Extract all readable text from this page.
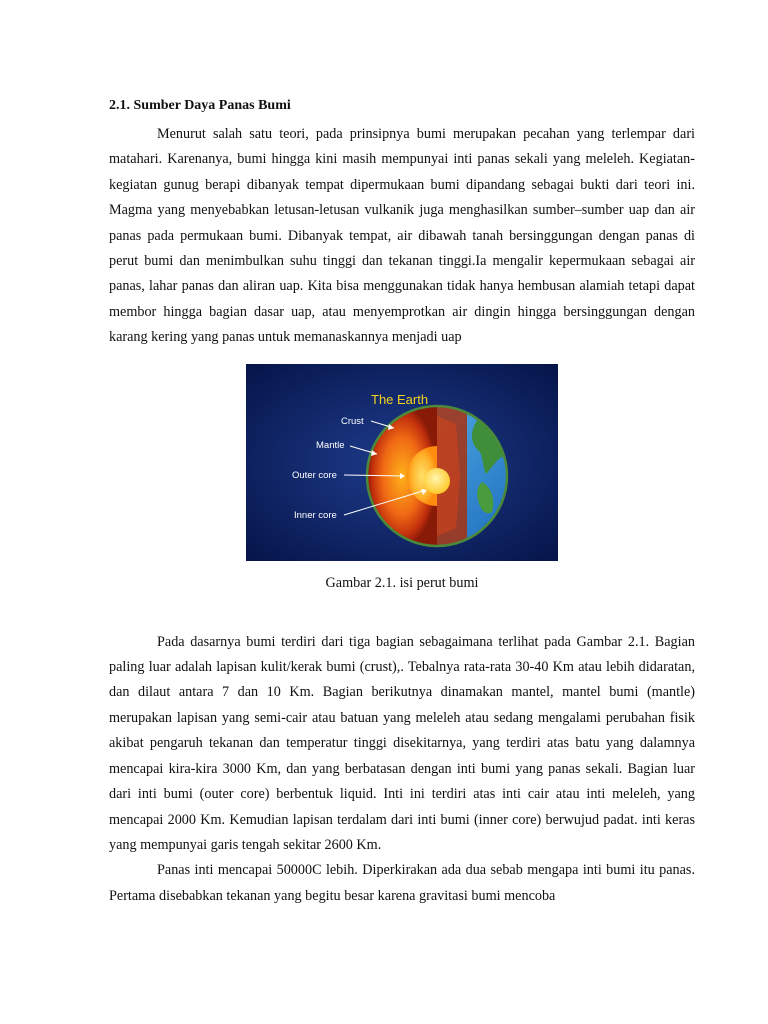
2.1. Sumber Daya Panas Bumi

Menurut salah satu teori, pada prinsipnya bumi merupakan pecahan yang terlempar dari matahari. Karenanya, bumi hingga kini masih mempunyai inti panas sekali yang meleleh. Kegiatan-kegiatan gunug berapi dibanyak tempat dipermukaan bumi dipandang sebagai bukti dari teori ini. Magma yang menyebabkan letusan-letusan vulkanik juga menghasilkan sumber–sumber uap dan air panas pada permukaan bumi. Dibanyak tempat, air dibawah tanah bersinggungan dengan panas di perut bumi dan menimbulkan suhu tinggi dan tekanan tinggi.Ia mengalir kepermukaan sebagai air panas, lahar panas dan aliran uap. Kita bisa menggunakan tidak hanya hembusan alamiah tetapi dapat membor hingga bagian dasar uap, atau menyemprotkan air dingin hingga bersinggungan dengan karang kering yang panas untuk memanaskannya menjadi uap

The Earth
Crust
Mantle
Outer core
Inner core
Gambar 2.1. isi perut bumi

Pada dasarnya bumi terdiri dari tiga bagian sebagaimana terlihat pada Gambar 2.1. Bagian paling luar adalah lapisan kulit/kerak bumi (crust),. Tebalnya rata-rata 30-40 Km atau lebih didaratan, dan dilaut antara 7 dan 10 Km. Bagian berikutnya dinamakan mantel, mantel bumi (mantle) merupakan lapisan yang semi-cair atau batuan yang meleleh atau sedang mengalami perubahan fisik akibat pengaruh tekanan dan temperatur tinggi disekitarnya, yang terdiri atas batu yang dalamnya mencapai kira-kira 3000 Km, dan yang berbatasan dengan inti bumi yang panas sekali. Bagian luar dari inti bumi (outer core) berbentuk liquid. Inti ini terdiri atas inti cair atau inti meleleh, yang mencapai 2000 Km. Kemudian lapisan terdalam dari inti bumi (inner core) berwujud padat. inti keras yang mempunyai garis tengah sekitar 2600 Km.

Panas inti mencapai 50000C lebih. Diperkirakan ada dua sebab mengapa inti bumi itu panas. Pertama disebabkan tekanan yang begitu besar karena gravitasi bumi mencoba
